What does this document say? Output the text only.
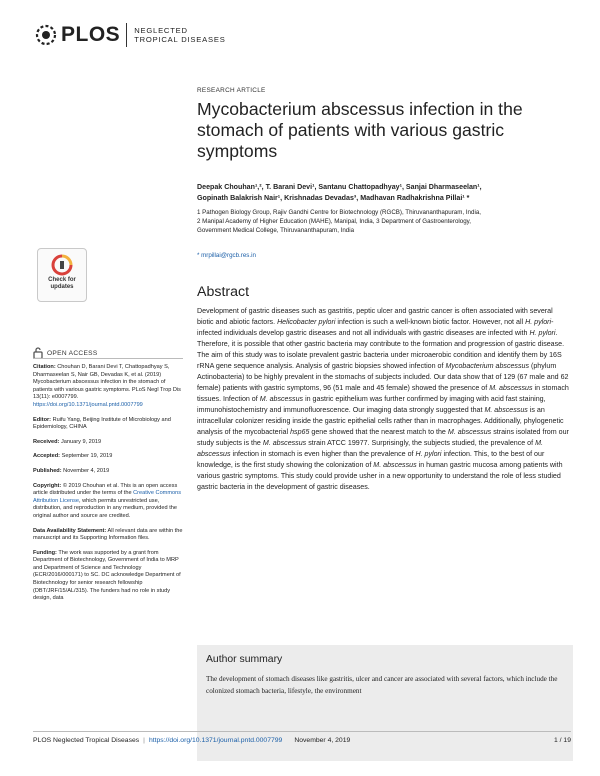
PLOS NEGLECTED
TROPICAL DISEASES
Check for
updates
OPEN ACCESS

Citation: Chouhan D, Barani Devi T, Chattopadhyay S, Dharmaseelan S, Nair GB, Devadas K, et al. (2019) Mycobacterium abscessus infection in the stomach of patients with various gastric symptoms. PLoS Negl Trop Dis 13(11): e0007799. https://doi.org/10.1371/journal.pntd.0007799

Editor: Ruifu Yang, Beijing Institute of Microbiology and Epidemiology, CHINA

Received: January 9, 2019

Accepted: September 19, 2019

Published: November 4, 2019

Copyright: © 2019 Chouhan et al. This is an open access article distributed under the terms of the Creative Commons Attribution License, which permits unrestricted use, distribution, and reproduction in any medium, provided the original author and source are credited.

Data Availability Statement: All relevant data are within the manuscript and its Supporting Information files.

Funding: The work was supported by a grant from Department of Biotechnology, Government of India to MRP and Department of Science and Technology (ECR/2016/000171) to SC. DC acknowledge Department of Biotechnology for senior research fellowship (DBT/JRF/15/AL/315). The funders had no role in study design, data

RESEARCH ARTICLE
Mycobacterium abscessus infection in the stomach of patients with various gastric symptoms
Deepak Chouhan¹,², T. Barani Devi¹, Santanu Chattopadhyay¹, Sanjai Dharmaseelan¹,
Gopinath Balakrish Nair¹, Krishnadas Devadas³, Madhavan Radhakrishna Pillai¹ *
1 Pathogen Biology Group, Rajiv Gandhi Centre for Biotechnology (RGCB), Thiruvananthapuram, India,
2 Manipal Academy of Higher Education (MAHE), Manipal, India, 3 Department of Gastroenterology,
Government Medical College, Thiruvananthapuram, India
* mrpillai@rgcb.res.in
Abstract
Development of gastric diseases such as gastritis, peptic ulcer and gastric cancer is often associated with several biotic and abiotic factors. Helicobacter pylori infection is such a well-known biotic factor. However, not all H. pylori-infected individuals develop gastric diseases and not all individuals with gastric diseases are infected with H. pylori. Therefore, it is possible that other gastric bacteria may contribute to the formation and progression of gastric disease. The aim of this study was to isolate prevalent gastric bacteria under microaerobic condition and identify them by 16S rRNA gene sequence analysis. Analysis of gastric biopsies showed infection of Mycobacterium abscessus (phylum Actinobacteria) to be highly prevalent in the stomachs of subjects included. Our data show that of 129 (67 male and 62 female) patients with gastric symptoms, 96 (51 male and 45 female) showed the presence of M. abscessus in stomach tissues. Infection of M. abscessus in gastric epithelium was further confirmed by imaging with acid fast staining, immunohistochemistry and immunofluorescence. Our imaging data strongly suggested that M. abscessus is an intracellular colonizer residing inside the gastric epithelial cells rather than in macrophages. Additionally, phylogenetic analysis of the mycobacterial hsp65 gene showed that the nearest match to the M. abscessus strains isolated from our study subjects is the M. abscessus strain ATCC 19977. Surprisingly, the subjects studied, the prevalence of M. abscessus infection in stomach is even higher than the prevalence of H. pylori infection. This, to the best of our knowledge, is the first study showing the colonization of M. abscessus in human gastric mucosa among patients with various gastric symptoms. This study could provide usher in a new opportunity to understand the role of less studied gastric bacteria in the development of gastric diseases.
Author summary
The development of stomach diseases like gastritis, ulcer and cancer are associated with several factors, which include the colonized stomach bacteria, lifestyle, the environment
PLOS Neglected Tropical Diseases | https://doi.org/10.1371/journal.pntd.0007799 November 4, 2019	1 / 19
